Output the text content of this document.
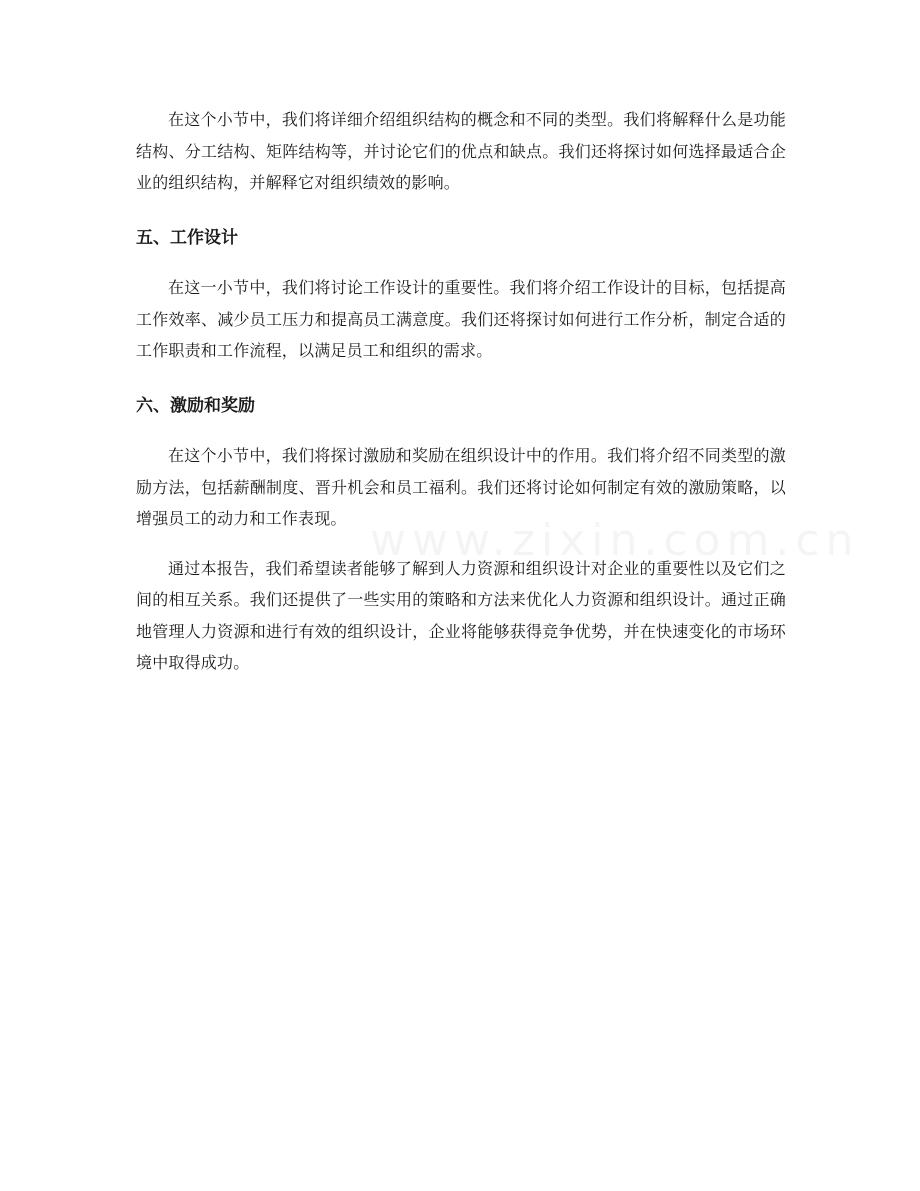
在这个小节中，我们将详细介绍组织结构的概念和不同的类型。我们将解释什么是功能结构、分工结构、矩阵结构等，并讨论它们的优点和缺点。我们还将探讨如何选择最适合企业的组织结构，并解释它对组织绩效的影响。

五、工作设计

在这一小节中，我们将讨论工作设计的重要性。我们将介绍工作设计的目标，包括提高工作效率、减少员工压力和提高员工满意度。我们还将探讨如何进行工作分析，制定合适的工作职责和工作流程，以满足员工和组织的需求。

六、激励和奖励

在这个小节中，我们将探讨激励和奖励在组织设计中的作用。我们将介绍不同类型的激励方法，包括薪酬制度、晋升机会和员工福利。我们还将讨论如何制定有效的激励策略，以增强员工的动力和工作表现。

通过本报告，我们希望读者能够了解到人力资源和组织设计对企业的重要性以及它们之间的相互关系。我们还提供了一些实用的策略和方法来优化人力资源和组织设计。通过正确地管理人力资源和进行有效的组织设计，企业将能够获得竞争优势，并在快速变化的市场环境中取得成功。
